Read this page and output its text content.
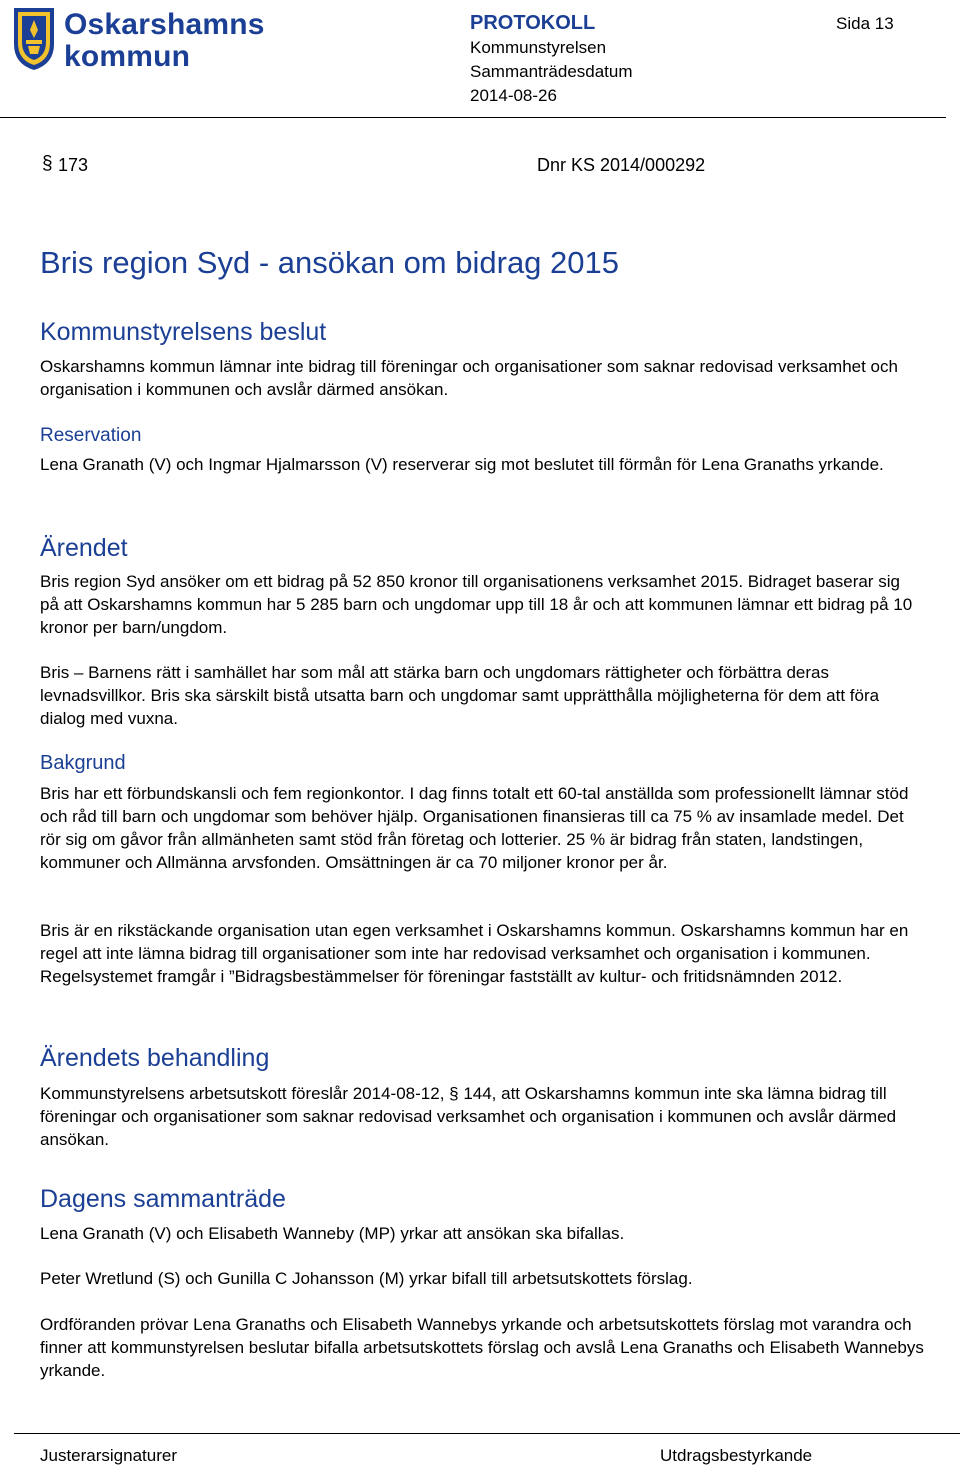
Oskarshamns
kommun
PROTOKOLL
Kommunstyrelsen
Sammanträdesdatum
2014-08-26
Sida 13
§ 173	Dnr KS 2014/000292
Bris region Syd - ansökan om bidrag 2015
Kommunstyrelsens beslut

Oskarshamns kommun lämnar inte bidrag till föreningar och organisationer som saknar redovisad verksamhet och organisation i kommunen och avslår därmed ansökan.

Reservation

Lena Granath (V) och Ingmar Hjalmarsson (V) reserverar sig mot beslutet till förmån för Lena Granaths yrkande.

Ärendet

Bris region Syd ansöker om ett bidrag på 52 850 kronor till organisationens verksamhet 2015. Bidraget baserar sig på att Oskarshamns kommun har 5 285 barn och ungdomar upp till 18 år och att kommunen lämnar ett bidrag på 10 kronor per barn/ungdom.

Bris – Barnens rätt i samhället har som mål att stärka barn och ungdomars rättigheter och förbättra deras levnadsvillkor. Bris ska särskilt bistå utsatta barn och ungdomar samt upprätthålla möjligheterna för dem att föra dialog med vuxna.

Bakgrund

Bris har ett förbundskansli och fem regionkontor. I dag finns totalt ett 60-tal anställda som professionellt lämnar stöd och råd till barn och ungdomar som behöver hjälp. Organisationen finansieras till ca 75 % av insamlade medel. Det rör sig om gåvor från allmänheten samt stöd från företag och lotterier. 25 % är bidrag från staten, landstingen, kommuner och Allmänna arvsfonden. Omsättningen är ca 70 miljoner kronor per år.

Bris är en rikstäckande organisation utan egen verksamhet i Oskarshamns kommun. Oskarshamns kommun har en regel att inte lämna bidrag till organisationer som inte har redovisad verksamhet och organisation i kommunen. Regelsystemet framgår i ”Bidragsbestämmelser för föreningar fastställt av kultur- och fritidsnämnden 2012.

Ärendets behandling

Kommunstyrelsens arbetsutskott föreslår 2014-08-12, § 144, att Oskarshamns kommun inte ska lämna bidrag till föreningar och organisationer som saknar redovisad verksamhet och organisation i kommunen och avslår därmed ansökan.

Dagens sammanträde

Lena Granath (V) och Elisabeth Wanneby (MP) yrkar att ansökan ska bifallas.

Peter Wretlund (S) och Gunilla C Johansson (M) yrkar bifall till arbetsutskottets förslag.

Ordföranden prövar Lena Granaths och Elisabeth Wannebys yrkande och arbetsutskottets förslag mot varandra och finner att kommunstyrelsen beslutar bifalla arbetsutskottets förslag och avslå Lena Granaths och Elisabeth Wannebys yrkande.

Justerarsignaturer	Utdragsbestyrkande
